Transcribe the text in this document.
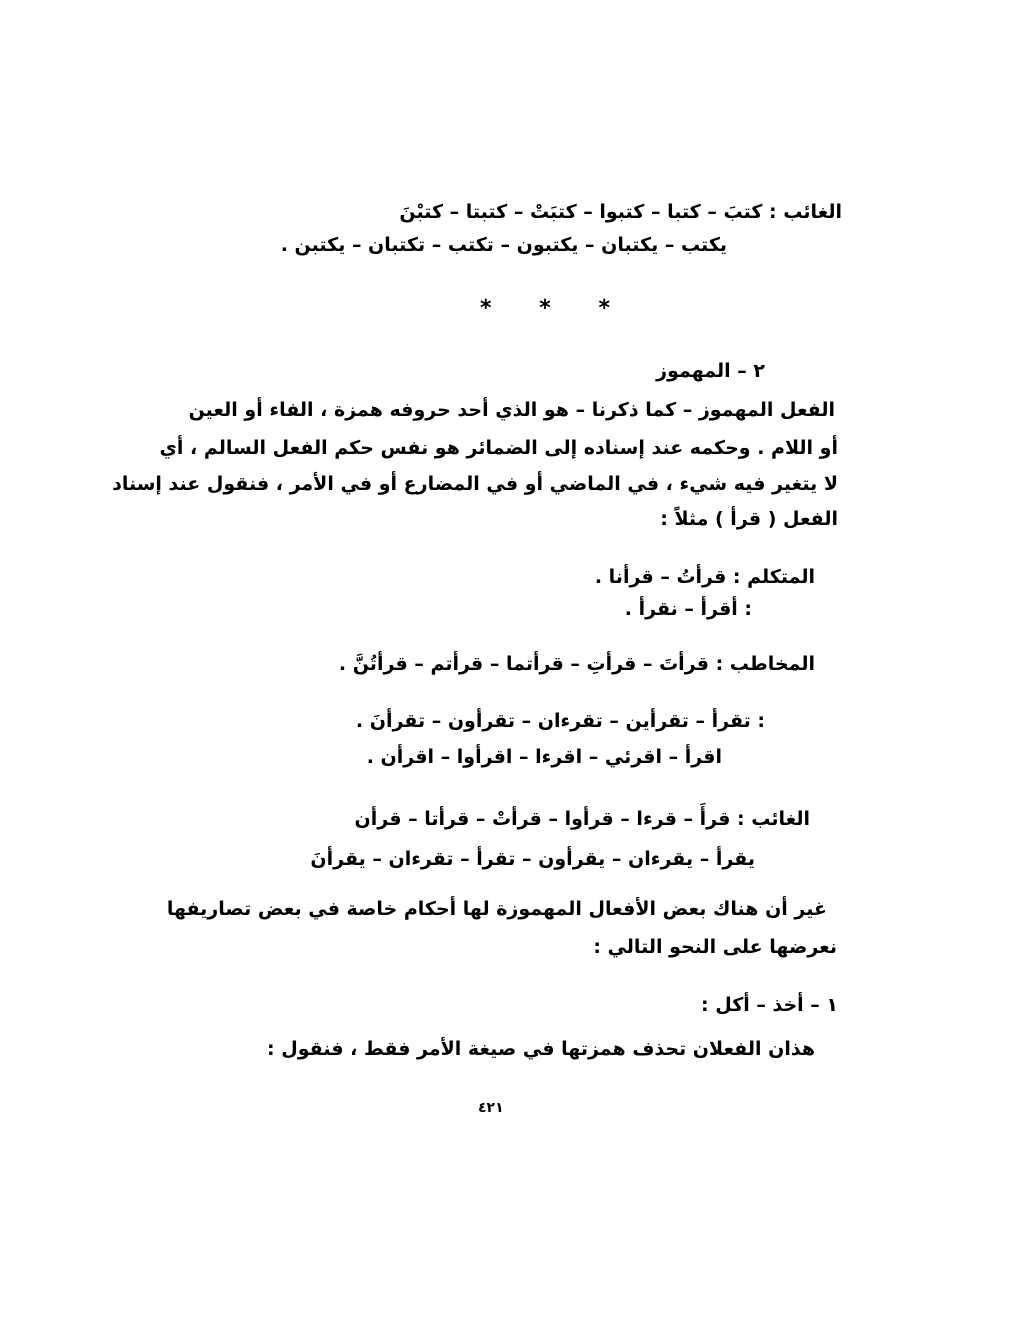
الغائب : كتبَ – كتبا – كتبوا – كتبَتْ – كتبتا – كتبْنَ
يكتب – يكتبان – يكتبون – تكتب – تكتبان – يكتبن .
* * *
٢ – المهموز
الفعل المهموز – كما ذكرنا – هو الذي أحد حروفه همزة ، الفاء أو العين
أو اللام . وحكمه عند إسناده إلى الضمائر هو نفس حكم الفعل السالم ، أي
لا يتغير فيه شيء ، في الماضي أو في المضارع أو في الأمر ، فنقول عند إسناد
الفعل ( قرأ ) مثلاً :
المتكلم : قرأتُ – قرأنا .
: أقرأ – نقرأ .
المخاطب : قرأتَ – قرأتِ – قرأتما – قرأتم – قرأتُنَّ .
: تقرأ – تقرأين – تقرءان – تقرأون – تقرأنَ .
اقرأ – اقرئي – اقرءا – اقرأوا – اقرأن .
الغائب : قرأَ – قرءا – قرأوا – قرأتْ – قرأتا – قرأن
يقرأ – يقرءان – يقرأون – تقرأ – تقرءان – يقرأنَ
غير أن هناك بعض الأفعال المهموزة لها أحكام خاصة في بعض تصاريفها
نعرضها على النحو التالي :
١ – أخذ – أكل :
هذان الفعلان تحذف همزتها في صيغة الأمر فقط ، فنقول :
٤٢١
